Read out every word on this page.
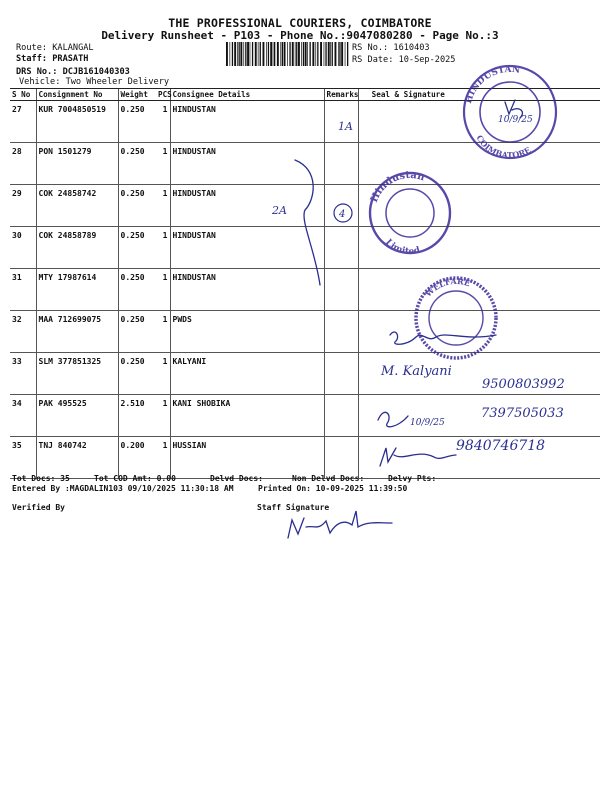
THE PROFESSIONAL COURIERS, COIMBATORE
Delivery Runsheet - P103 - Phone No.:9047080280 - Page No.:3
Route: KALANGAL
Staff: PRASATH
DRS No.: DCJB161040303
Vehicle: Two Wheeler Delivery
RS No.: 1610403
RS Date: 10-Sep-2025
S No	Consignment No	Weight	PCS	Consignee Details	Remarks	Seal & Signature	
27	KUR 7004850519	0.250	1	HINDUSTAN			
28	PON 1501279	0.250	1	HINDUSTAN			
29	COK 24858742	0.250	1	HINDUSTAN			
30	COK 24858789	0.250	1	HINDUSTAN			
31	MTY 17987614	0.250	1	HINDUSTAN			
32	MAA 712699075	0.250	1	PWDS			
33	SLM 377851325	0.250	1	KALYANI			
34	PAK 495525	2.510	1	KANI SHOBIKA			
35	TNJ 840742	0.200	1	HUSSIAN			
Tot Docs: 35	Tot COD Amt: 0.00	Delvd Docs:	Non Delvd Docs:	Delvy Pts:
Entered By :MAGDALIN103 09/10/2025 11:30:18 AM	Printed On: 10-09-2025 11:39:50
Verified By	Staff Signature
HINDUSTAN
COIMBATORE
Hindustan
Limited
WELFARE
1A
2A	4
10/9/25
10/9/25
M. Kalyani
9500803992
7397505033
9840746718
